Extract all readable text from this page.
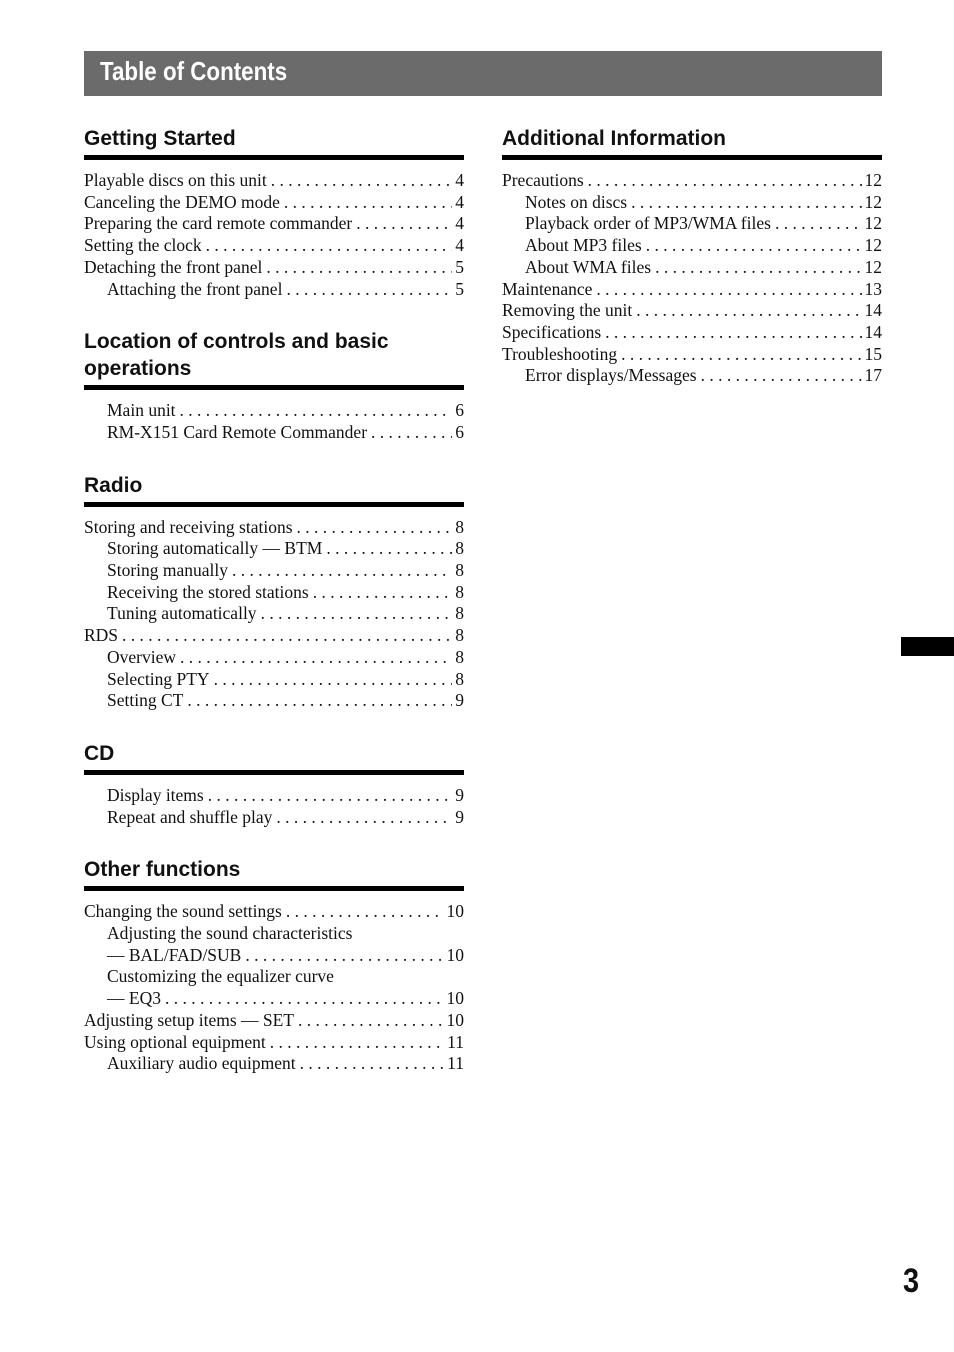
Table of Contents
Getting Started
Playable discs on this unit . . .	4
Canceling the DEMO mode . . .	4
Preparing the card remote commander . . .	4
Setting the clock . . .	4
Detaching the front panel . . .	5
Attaching the front panel . . .	5
Location of controls and basic operations
Main unit . . .	6
RM-X151 Card Remote Commander . . .	6
Radio
Storing and receiving stations . . .	8
Storing automatically — BTM . . .	8
Storing manually . . .	8
Receiving the stored stations . . .	8
Tuning automatically . . .	8
RDS . . .	8
Overview . . .	8
Selecting PTY . . .	8
Setting CT . . .	9
CD
Display items . . .	9
Repeat and shuffle play . . .	9
Other functions
Changing the sound settings . . .	10
Adjusting the sound characteristics
— BAL/FAD/SUB . . .	10
Customizing the equalizer curve
— EQ3 . . .	10
Adjusting setup items — SET . . .	10
Using optional equipment . . .	11
Auxiliary audio equipment . . .	11
Additional Information
Precautions . . .	12
Notes on discs . . .	12
Playback order of MP3/WMA files . . .	12
About MP3 files . . .	12
About WMA files . . .	12
Maintenance . . .	13
Removing the unit . . .	14
Specifications . . .	14
Troubleshooting . . .	15
Error displays/Messages . . .	17
3
